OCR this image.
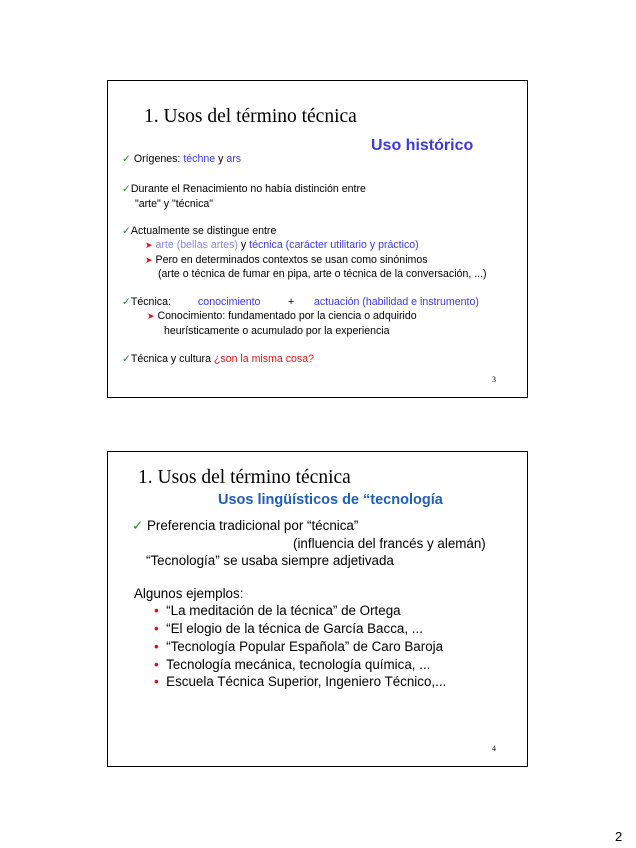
1. Usos del término técnica
Uso histórico
✓ Orígenes: téchne y ars
✓Durante el Renacimiento no había distinción entre
"arte" y "técnica"
✓Actualmente se distingue entre
➤ arte (bellas artes) y técnica (carácter utilitario y práctico)
➤ Pero en determinados contextos se usan como sinónimos
(arte o técnica de fumar en pipa, arte o técnica de la conversación, ...)
✓Técnica:	conocimiento	+ actuación (habilidad e instrumento)
➤ Conocimiento: fundamentado por la ciencia o adquirido
heurísticamente o acumulado por la experiencia
✓Técnica y cultura ¿son la misma cosa?
3
1. Usos del término técnica
Usos lingüísticos de “tecnología
✓ Preferencia tradicional por “técnica”
(influencia del francés y alemán)
“Tecnología” se usaba siempre adjetivada
Algunos ejemplos:
• “La meditación de la técnica” de Ortega
• “El elogio de la técnica de García Bacca, ...
• “Tecnología Popular Española” de Caro Baroja
• Tecnología mecánica, tecnología química, ...
• Escuela Técnica Superior, Ingeniero Técnico,...
4
2
